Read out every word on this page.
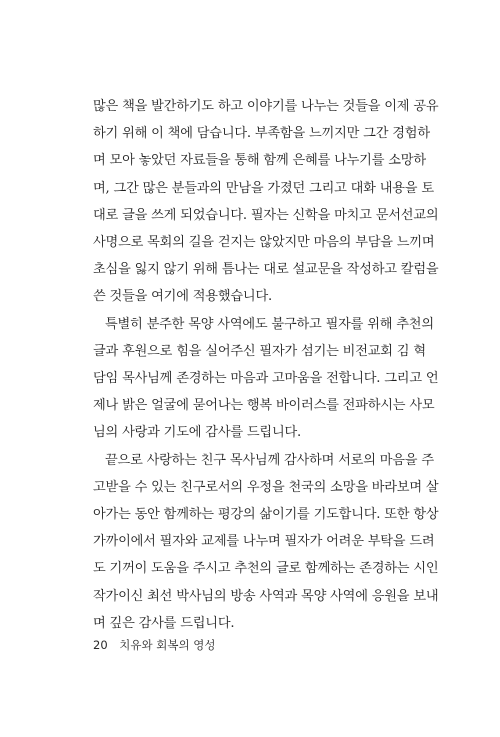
많은 책을 발간하기도 하고 이야기를 나누는 것들을 이제 공유
하기 위해 이 책에 담습니다. 부족함을 느끼지만 그간 경험하
며 모아 놓았던 자료들을 통해 함께 은혜를 나누기를 소망하
며, 그간 많은 분들과의 만남을 가졌던 그리고 대화 내용을 토
대로 글을 쓰게 되었습니다. 필자는 신학을 마치고 문서선교의
사명으로 목회의 길을 걷지는 않았지만 마음의 부담을 느끼며
초심을 잃지 않기 위해 틈나는 대로 설교문을 작성하고 칼럼을
쓴 것들을 여기에 적용했습니다.

특별히 분주한 목양 사역에도 불구하고 필자를 위해 추천의
글과 후원으로 힘을 실어주신 필자가 섬기는 비전교회 김 혁
담임 목사님께 존경하는 마음과 고마움을 전합니다. 그리고 언
제나 밝은 얼굴에 묻어나는 행복 바이러스를 전파하시는 사모
님의 사랑과 기도에 감사를 드립니다.

끝으로 사랑하는 친구 목사님께 감사하며 서로의 마음을 주
고받을 수 있는 친구로서의 우정을 천국의 소망을 바라보며 살
아가는 동안 함께하는 평강의 삶이기를 기도합니다. 또한 항상
가까이에서 필자와 교제를 나누며 필자가 어려운 부탁을 드려
도 기꺼이 도움을 주시고 추천의 글로 함께하는 존경하는 시인
작가이신 최선 박사님의 방송 사역과 목양 사역에 응원을 보내
며 깊은 감사를 드립니다.

20 치유와 회복의 영성
